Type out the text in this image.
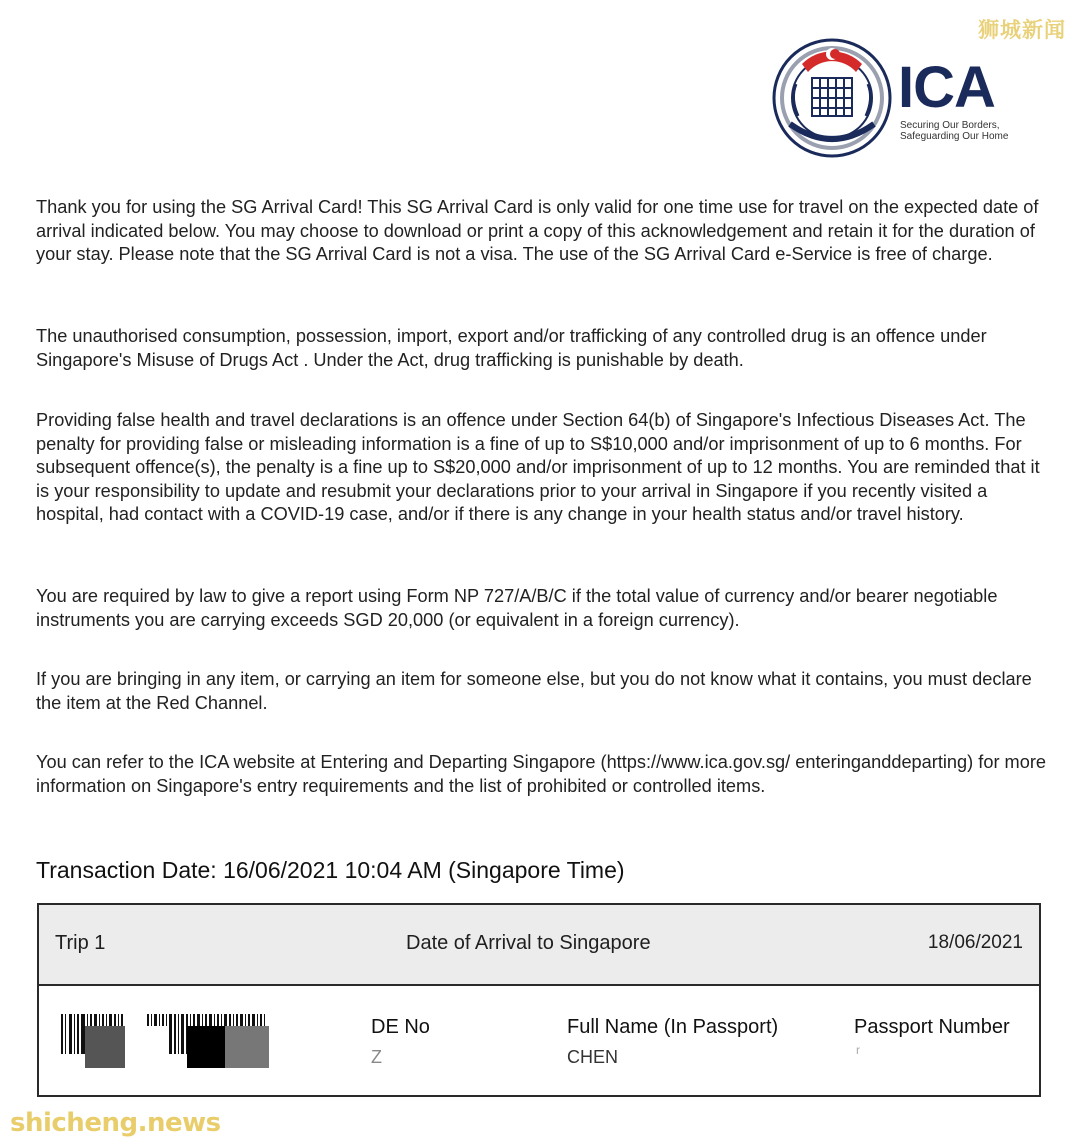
狮城新闻
ICA
Securing Our Borders,
Safeguarding Our Home

Thank you for using the SG Arrival Card! This SG Arrival Card is only valid for one time use for travel on the expected date of arrival indicated below. You may choose to download or print a copy of this acknowledgement and retain it for the duration of your stay. Please note that the SG Arrival Card is not a visa. The use of the SG Arrival Card e-Service is free of charge.

The unauthorised consumption, possession, import, export and/or trafficking of any controlled drug is an offence under Singapore's Misuse of Drugs Act . Under the Act, drug trafficking is punishable by death.

Providing false health and travel declarations is an offence under Section 64(b) of Singapore's Infectious Diseases Act. The penalty for providing false or misleading information is a fine of up to S$10,000 and/or imprisonment of up to 6 months. For subsequent offence(s), the penalty is a fine up to S$20,000 and/or imprisonment of up to 12 months. You are reminded that it is your responsibility to update and resubmit your declarations prior to your arrival in Singapore if you recently visited a hospital, had contact with a COVID-19 case, and/or if there is any change in your health status and/or travel history.

You are required by law to give a report using Form NP 727/A/B/C if the total value of currency and/or bearer negotiable instruments you are carrying exceeds SGD 20,000 (or equivalent in a foreign currency).

If you are bringing in any item, or carrying an item for someone else, but you do not know what it contains, you must declare the item at the Red Channel.

You can refer to the ICA website at Entering and Departing Singapore (https://www.ica.gov.sg/ enteringanddeparting) for more information on Singapore's entry requirements and the list of prohibited or controlled items.

Transaction Date: 16/06/2021 10:04 AM (Singapore Time)

Trip 1	Date of Arrival to Singapore	18/06/2021
DE No	Full Name (In Passport)	Passport Number
Z	CHEN	r
shicheng.news
